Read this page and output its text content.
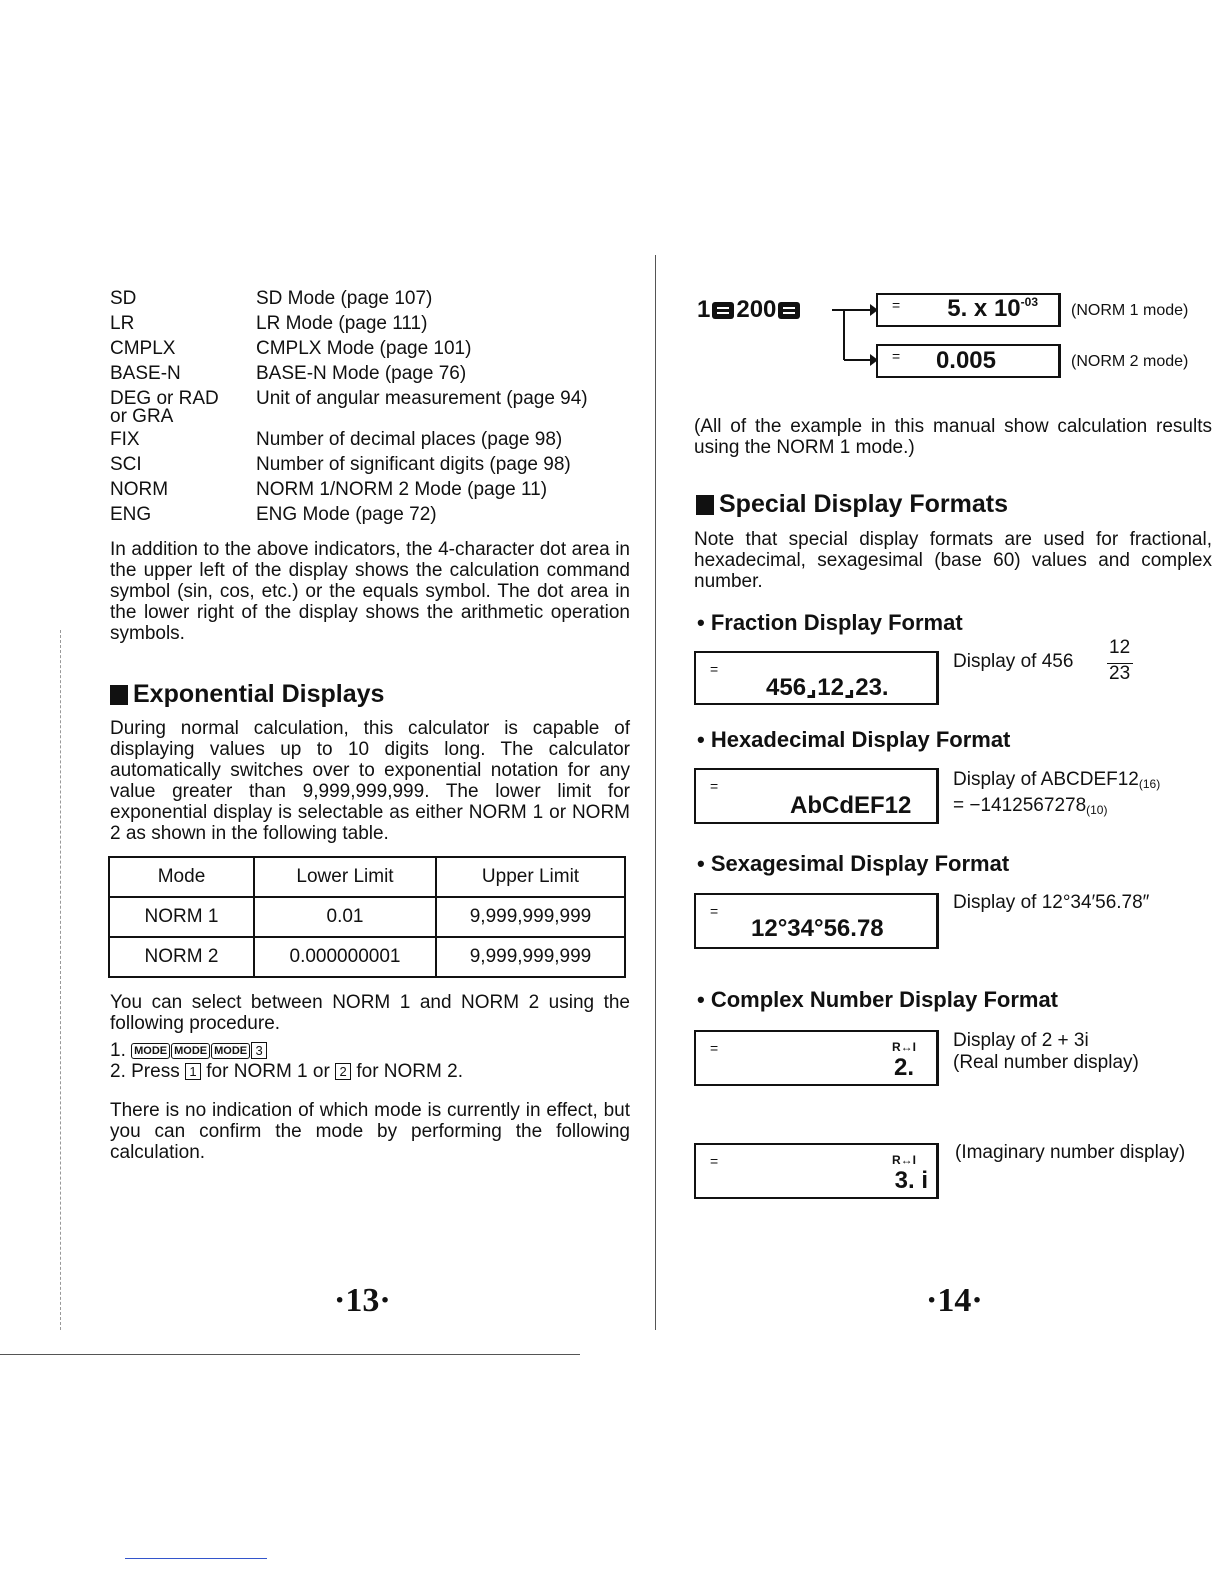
SD	SD Mode (page 107)
LR	LR Mode (page 111)
CMPLX	CMPLX Mode (page 101)
BASE-N	BASE-N Mode (page 76)
DEG or RAD	Unit of angular measurement (page 94)
or GRA
FIX	Number of decimal places (page 98)
SCI	Number of significant digits (page 98)
NORM	NORM 1/NORM 2 Mode (page 11)
ENG	ENG Mode (page 72)

In addition to the above indicators, the 4-character dot area in the upper left of the display shows the calculation command symbol (sin, cos, etc.) or the equals symbol. The dot area in the lower right of the display shows the arithmetic operation symbols.

Exponential Displays

During normal calculation, this calculator is capable of displaying values up to 10 digits long. The calculator automatically switches over to exponential notation for any value greater than 9,999,999,999. The lower limit for exponential display is selectable as either NORM 1 or NORM 2 as shown in the following table.

Mode	Lower Limit	Upper Limit
NORM 1	0.01	9,999,999,999
NORM 2	0.000000001	9,999,999,999

You can select between NORM 1 and NORM 2 using the following procedure.

1. MODE MODE MODE 3
2. Press 1 for NORM 1 or 2 for NORM 2.

There is no indication of which mode is currently in effect, but you can confirm the mode by performing the following calculation.

·13·
1 200	= 5. x $10^{-03}$ (NORM 1 mode)
= 0.005	(NORM 2 mode)

(All of the example in this manual show calculation results using the NORM 1 mode.)

Special Display Formats

Note that special display formats are used for fractional, hexadecimal, sexagesimal (base 60) values and complex number.

• Fraction Display Format
=
456⌟12⌟23.
Display of 456
12
23
• Hexadecimal Display Format
=
AbCdEF12
Display of $ABCDEF12_{(16)}$
= $-1412567278_{(10)}$
• Sexagesimal Display Format
=
12°34°56.78
Display of 12°34′56.78″
• Complex Number Display Format
=	R↔I
2.
Display of 2 + 3i
(Real number display)
=	R↔I
3. i
(Imaginary number display)
·14·
